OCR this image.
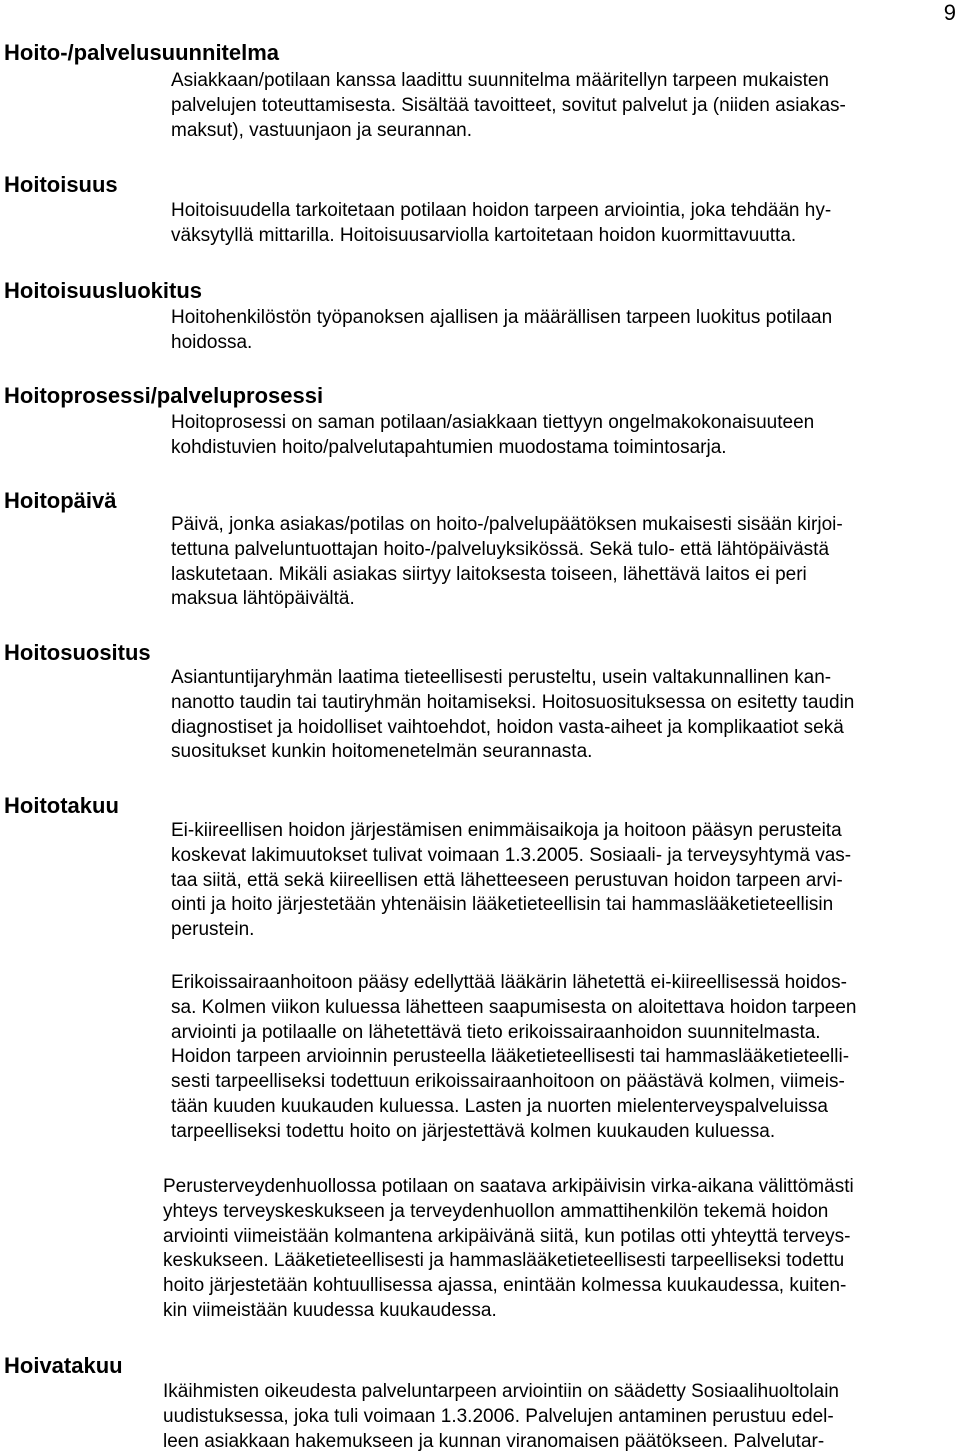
9
Hoito-/palvelusuunnitelma

Asiakkaan/potilaan kanssa laadittu suunnitelma määritellyn tarpeen mukaisten
palvelujen toteuttamisesta. Sisältää tavoitteet, sovitut palvelut ja (niiden asiakas-
maksut), vastuunjaon ja seurannan.

Hoitoisuus

Hoitoisuudella tarkoitetaan potilaan hoidon tarpeen arviointia, joka tehdään hy-
väksytyllä mittarilla. Hoitoisuusarviolla kartoitetaan hoidon kuormittavuutta.

Hoitoisuusluokitus

Hoitohenkilöstön työpanoksen ajallisen ja määrällisen tarpeen luokitus potilaan
hoidossa.

Hoitoprosessi/palveluprosessi

Hoitoprosessi on saman potilaan/asiakkaan tiettyyn ongelmakokonaisuuteen
kohdistuvien hoito/palvelutapahtumien muodostama toimintosarja.

Hoitopäivä

Päivä, jonka asiakas/potilas on hoito-/palvelupäätöksen mukaisesti sisään kirjoi-
tettuna palveluntuottajan hoito-/palveluyksikössä. Sekä tulo- että lähtöpäivästä
laskutetaan. Mikäli asiakas siirtyy laitoksesta toiseen, lähettävä laitos ei peri
maksua lähtöpäivältä.

Hoitosuositus

Asiantuntijaryhmän laatima tieteellisesti perusteltu, usein valtakunnallinen kan-
nanotto taudin tai tautiryhmän hoitamiseksi. Hoitosuosituksessa on esitetty taudin
diagnostiset ja hoidolliset vaihtoehdot, hoidon vasta-aiheet ja komplikaatiot sekä
suositukset kunkin hoitomenetelmän seurannasta.

Hoitotakuu

Ei-kiireellisen hoidon järjestämisen enimmäisaikoja ja hoitoon pääsyn perusteita
koskevat lakimuutokset tulivat voimaan 1.3.2005. Sosiaali- ja terveysyhtymä vas-
taa siitä, että sekä kiireellisen että lähetteeseen perustuvan hoidon tarpeen arvi-
ointi ja hoito järjestetään yhtenäisin lääketieteellisin tai hammaslääketieteellisin
perustein.

Erikoissairaanhoitoon pääsy edellyttää lääkärin lähetettä ei-kiireellisessä hoidos-
sa. Kolmen viikon kuluessa lähetteen saapumisesta on aloitettava hoidon tarpeen
arviointi ja potilaalle on lähetettävä tieto erikoissairaanhoidon suunnitelmasta.
Hoidon tarpeen arvioinnin perusteella lääketieteellisesti tai hammaslääketieteelli-
sesti tarpeelliseksi todettuun erikoissairaanhoitoon on päästävä kolmen, viimeis-
tään kuuden kuukauden kuluessa. Lasten ja nuorten mielenterveyspalveluissa
tarpeelliseksi todettu hoito on järjestettävä kolmen kuukauden kuluessa.

Perusterveydenhuollossa potilaan on saatava arkipäivisin virka-aikana välittömästi
yhteys terveyskeskukseen ja terveydenhuollon ammattihenkilön tekemä hoidon
arviointi viimeistään kolmantena arkipäivänä siitä, kun potilas otti yhteyttä terveys-
keskukseen. Lääketieteellisesti ja hammaslääketieteellisesti tarpeelliseksi todettu
hoito järjestetään kohtuullisessa ajassa, enintään kolmessa kuukaudessa, kuiten-
kin viimeistään kuudessa kuukaudessa.

Hoivatakuu

Ikäihmisten oikeudesta palveluntarpeen arviointiin on säädetty Sosiaalihuoltolain
uudistuksessa, joka tuli voimaan 1.3.2006. Palvelujen antaminen perustuu edel-
leen asiakkaan hakemukseen ja kunnan viranomaisen päätökseen. Palvelutar-
